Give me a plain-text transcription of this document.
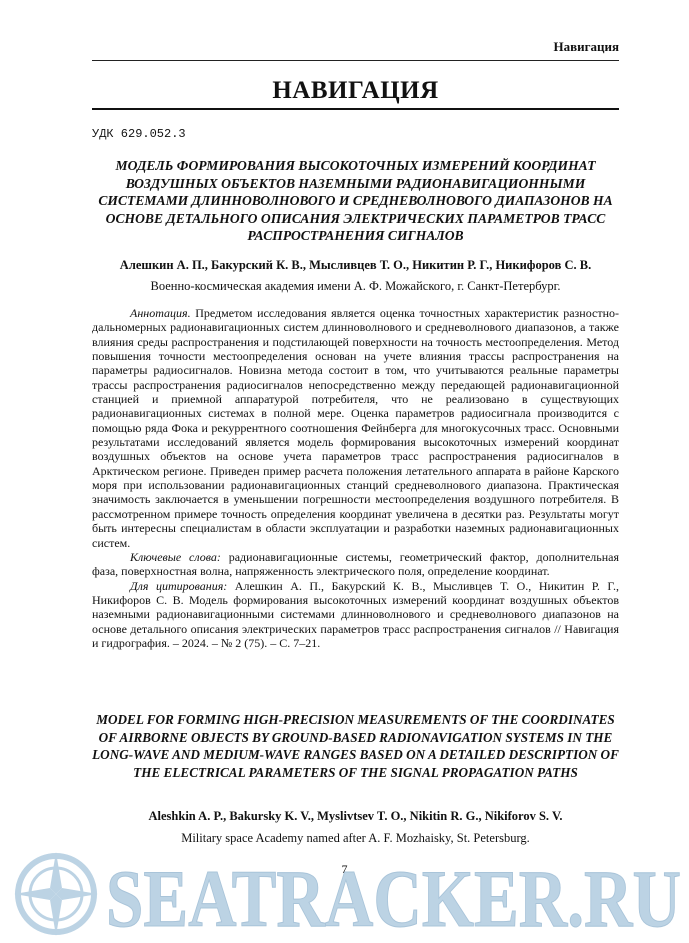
Навигация
НАВИГАЦИЯ
УДК 629.052.3
МОДЕЛЬ ФОРМИРОВАНИЯ ВЫСОКОТОЧНЫХ ИЗМЕРЕНИЙ КООРДИНАТ ВОЗДУШНЫХ ОБЪЕКТОВ НАЗЕМНЫМИ РАДИОНАВИГАЦИОННЫМИ СИСТЕМАМИ ДЛИННОВОЛНОВОГО И СРЕДНЕВОЛНОВОГО ДИАПАЗОНОВ НА ОСНОВЕ ДЕТАЛЬНОГО ОПИСАНИЯ ЭЛЕКТРИЧЕСКИХ ПАРАМЕТРОВ ТРАСС РАСПРОСТРАНЕНИЯ СИГНАЛОВ
Алешкин А. П., Бакурский К. В., Мысливцев Т. О., Никитин Р. Г., Никифоров С. В.
Военно-космическая академия имени А. Ф. Можайского, г. Санкт-Петербург.

Аннотация. Предметом исследования является оценка точностных характеристик разностно-дальномерных радионавигационных систем длинноволнового и средневолнового диапазонов, а также влияния среды распространения и подстилающей поверхности на точность местоопределения. Метод повышения точности местоопределения основан на учете влияния трассы распространения на параметры радиосигналов. Новизна метода состоит в том, что учитываются реальные параметры трассы распространения радиосигналов непосредственно между передающей радионавигационной станцией и приемной аппаратурой потребителя, что не реализовано в существующих радионавигационных системах в полной мере. Оценка параметров радиосигнала производится с помощью ряда Фока и рекуррентного соотношения Фейнберга для многокусочных трасс. Основными результатами исследований является модель формирования высокоточных измерений координат воздушных объектов на основе учета параметров трасс распространения радиосигналов в Арктическом регионе. Приведен пример расчета положения летательного аппарата в районе Карского моря при использовании радионавигационных станций средневолнового диапазона. Практическая значимость заключается в уменьшении погрешности местоопределения воздушного потребителя. В рассмотренном примере точность определения координат увеличена в десятки раз. Результаты могут быть интересны специалистам в области эксплуатации и разработки наземных радионавигационных систем.

Ключевые слова: радионавигационные системы, геометрический фактор, дополнительная фаза, поверхностная волна, напряженность электрического поля, определение координат.

Для цитирования: Алешкин А. П., Бакурский К. В., Мысливцев Т. О., Никитин Р. Г., Никифоров С. В. Модель формирования высокоточных измерений координат воздушных объектов наземными радионавигационными системами длинноволнового и средневолнового диапазонов на основе детального описания электрических параметров трасс распространения сигналов // Навигация и гидрография. – 2024. – № 2 (75). – С. 7–21.

MODEL FOR FORMING HIGH-PRECISION MEASUREMENTS OF THE COORDINATES OF AIRBORNE OBJECTS BY GROUND-BASED RADIONAVIGATION SYSTEMS IN THE LONG-WAVE AND MEDIUM-WAVE RANGES BASED ON A DETAILED DESCRIPTION OF THE ELECTRICAL PARAMETERS OF THE SIGNAL PROPAGATION PATHS
Aleshkin A. P., Bakursky K. V., Myslivtsev T. O., Nikitin R. G., Nikiforov S. V.
Military space Academy named after A. F. Mozhaisky, St. Petersburg.
SEATRACKER.RU
7
